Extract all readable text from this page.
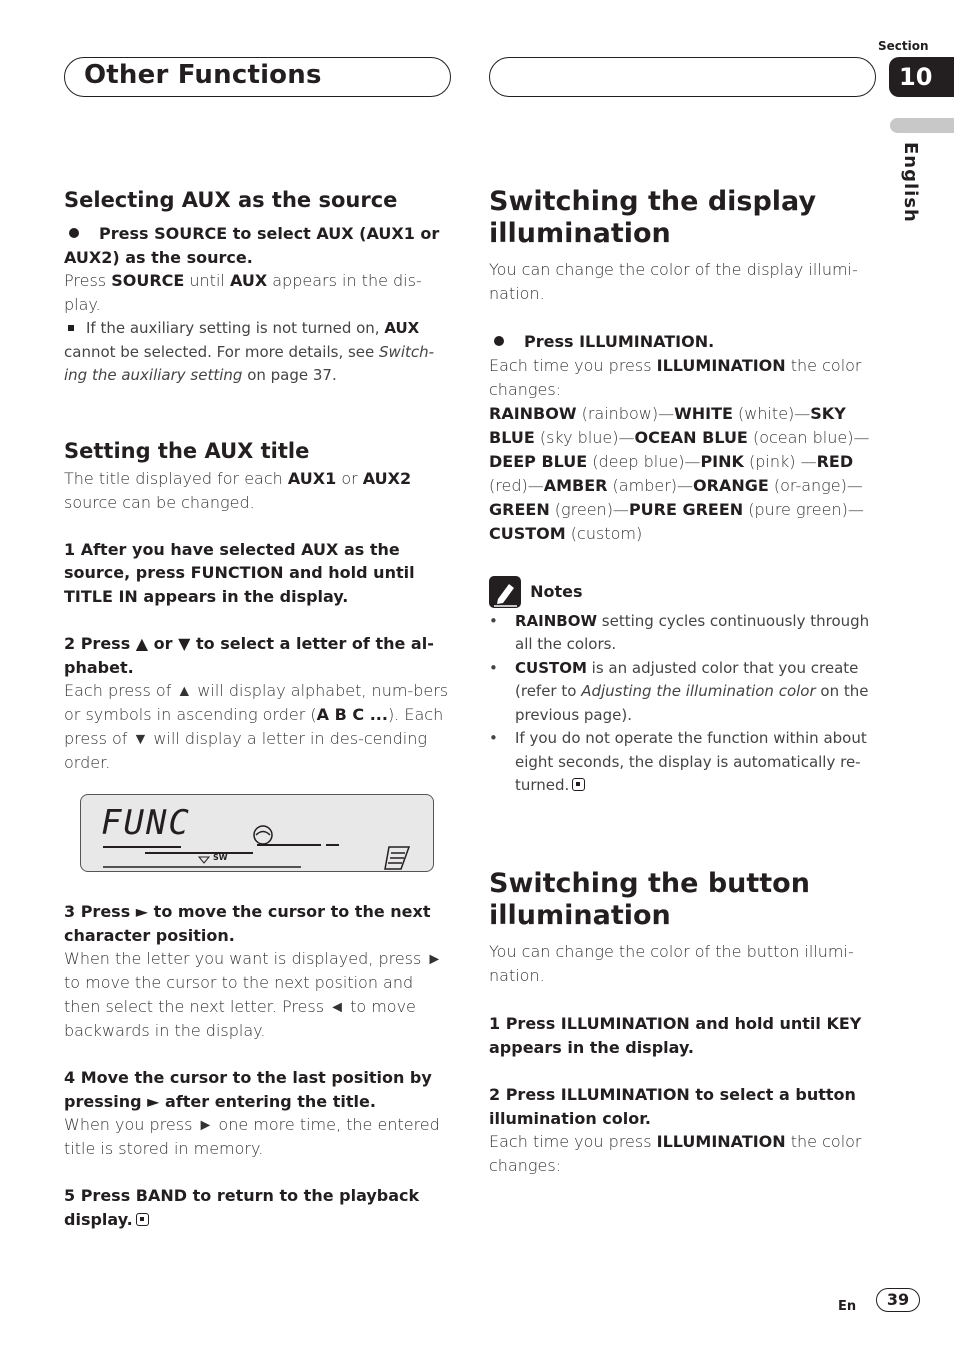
Other Functions
Section
10
English

Selecting AUX as the source

Press SOURCE to select AUX (AUX1 or AUX2) as the source.

Press SOURCE until AUX appears in the dis-play.

If the auxiliary setting is not turned on, AUX cannot be selected. For more details, see Switch-ing the auxiliary setting on page 37.

Setting the AUX title

The title displayed for each AUX1 or AUX2 source can be changed.

1 After you have selected AUX as the source, press FUNCTION and hold until TITLE IN appears in the display.

2 Press ▲ or ▼ to select a letter of the al-phabet.

Each press of ▲ will display alphabet, num-bers or symbols in ascending order (A B C ...). Each press of ▼ will display a letter in des-cending order.

FUNC
SW

3 Press ► to move the cursor to the next character position.

When the letter you want is displayed, press ► to move the cursor to the next position and then select the next letter. Press ◄ to move backwards in the display.

4 Move the cursor to the last position by pressing ► after entering the title.

When you press ► one more time, the entered title is stored in memory.

5 Press BAND to return to the playback display.

Switching the display illumination

You can change the color of the display illumi-nation.

Press ILLUMINATION.

Each time you press ILLUMINATION the color changes:

RAINBOW (rainbow)—WHITE (white)—SKY BLUE (sky blue)—OCEAN BLUE (ocean blue)—DEEP BLUE (deep blue)—PINK (pink) —RED (red)—AMBER (amber)—ORANGE (or-ange)—GREEN (green)—PURE GREEN (pure green)—CUSTOM (custom)

Notes

• RAINBOW setting cycles continuously through all the colors.

• CUSTOM is an adjusted color that you create (refer to Adjusting the illumination color on the previous page).

• If you do not operate the function within about eight seconds, the display is automatically re-turned.

Switching the button illumination

You can change the color of the button illumi-nation.

1 Press ILLUMINATION and hold until KEY appears in the display.

2 Press ILLUMINATION to select a button illumination color.

Each time you press ILLUMINATION the color changes:

En	39
